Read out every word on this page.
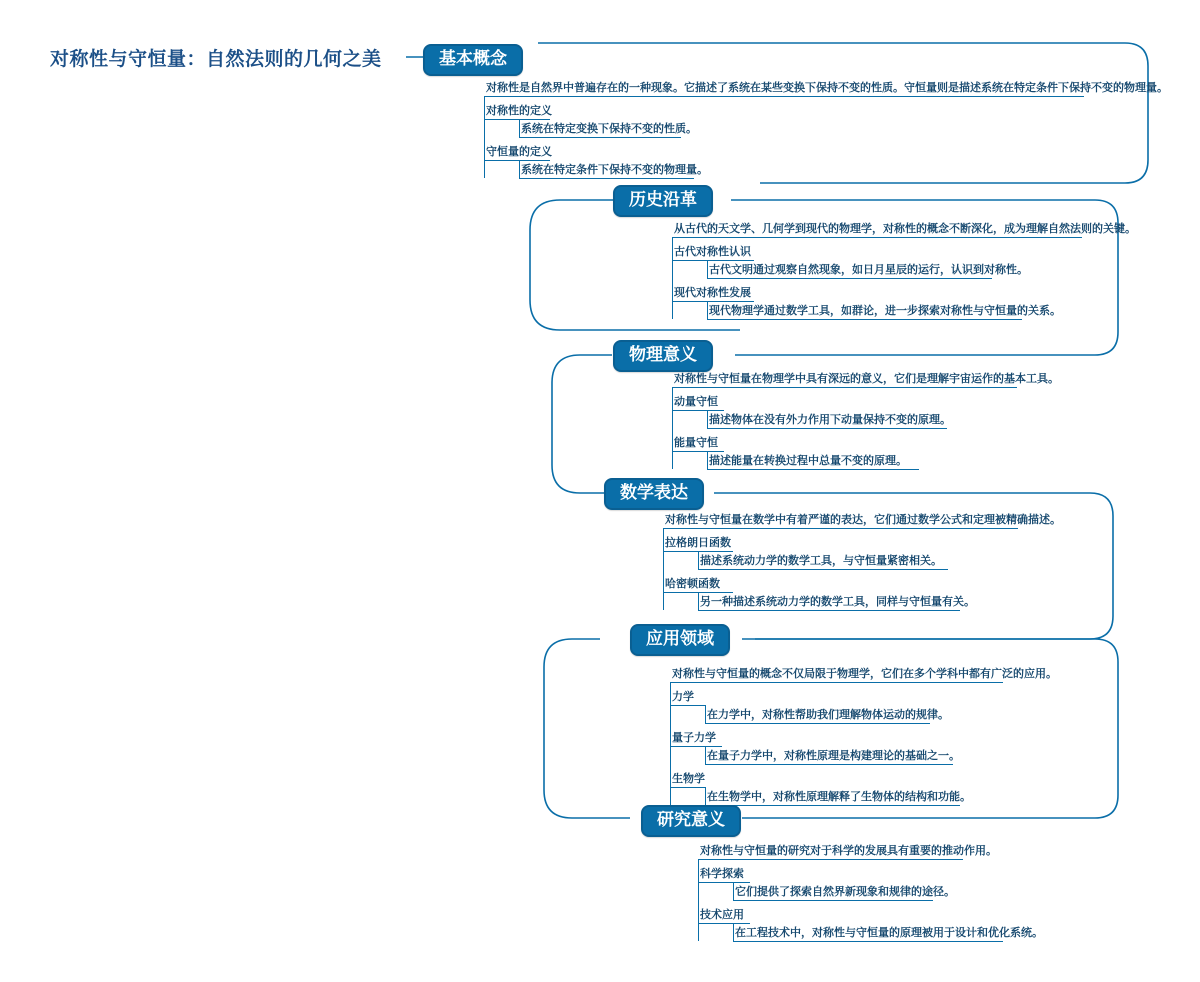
对称性与守恒量：自然法则的几何之美	基本概念
对称性是自然界中普遍存在的一种现象。它描述了系统在某些变换下保持不变的性质。守恒量则是描述系统在特定条件下保持不变的物理量。
对称性的定义
系统在特定变换下保持不变的性质。
守恒量的定义
系统在特定条件下保持不变的物理量。
历史沿革
从古代的天文学、几何学到现代的物理学，对称性的概念不断深化，成为理解自然法则的关键。
古代对称性认识
古代文明通过观察自然现象，如日月星辰的运行，认识到对称性。
现代对称性发展
现代物理学通过数学工具，如群论，进一步探索对称性与守恒量的关系。
物理意义
对称性与守恒量在物理学中具有深远的意义，它们是理解宇宙运作的基本工具。
动量守恒
描述物体在没有外力作用下动量保持不变的原理。
能量守恒
描述能量在转换过程中总量不变的原理。
数学表达
对称性与守恒量在数学中有着严谨的表达，它们通过数学公式和定理被精确描述。
拉格朗日函数
描述系统动力学的数学工具，与守恒量紧密相关。
哈密顿函数
另一种描述系统动力学的数学工具，同样与守恒量有关。
应用领域
对称性与守恒量的概念不仅局限于物理学，它们在多个学科中都有广泛的应用。
力学
在力学中，对称性帮助我们理解物体运动的规律。
量子力学
在量子力学中，对称性原理是构建理论的基础之一。
生物学
在生物学中，对称性原理解释了生物体的结构和功能。
研究意义
对称性与守恒量的研究对于科学的发展具有重要的推动作用。
科学探索
它们提供了探索自然界新现象和规律的途径。
技术应用
在工程技术中，对称性与守恒量的原理被用于设计和优化系统。
